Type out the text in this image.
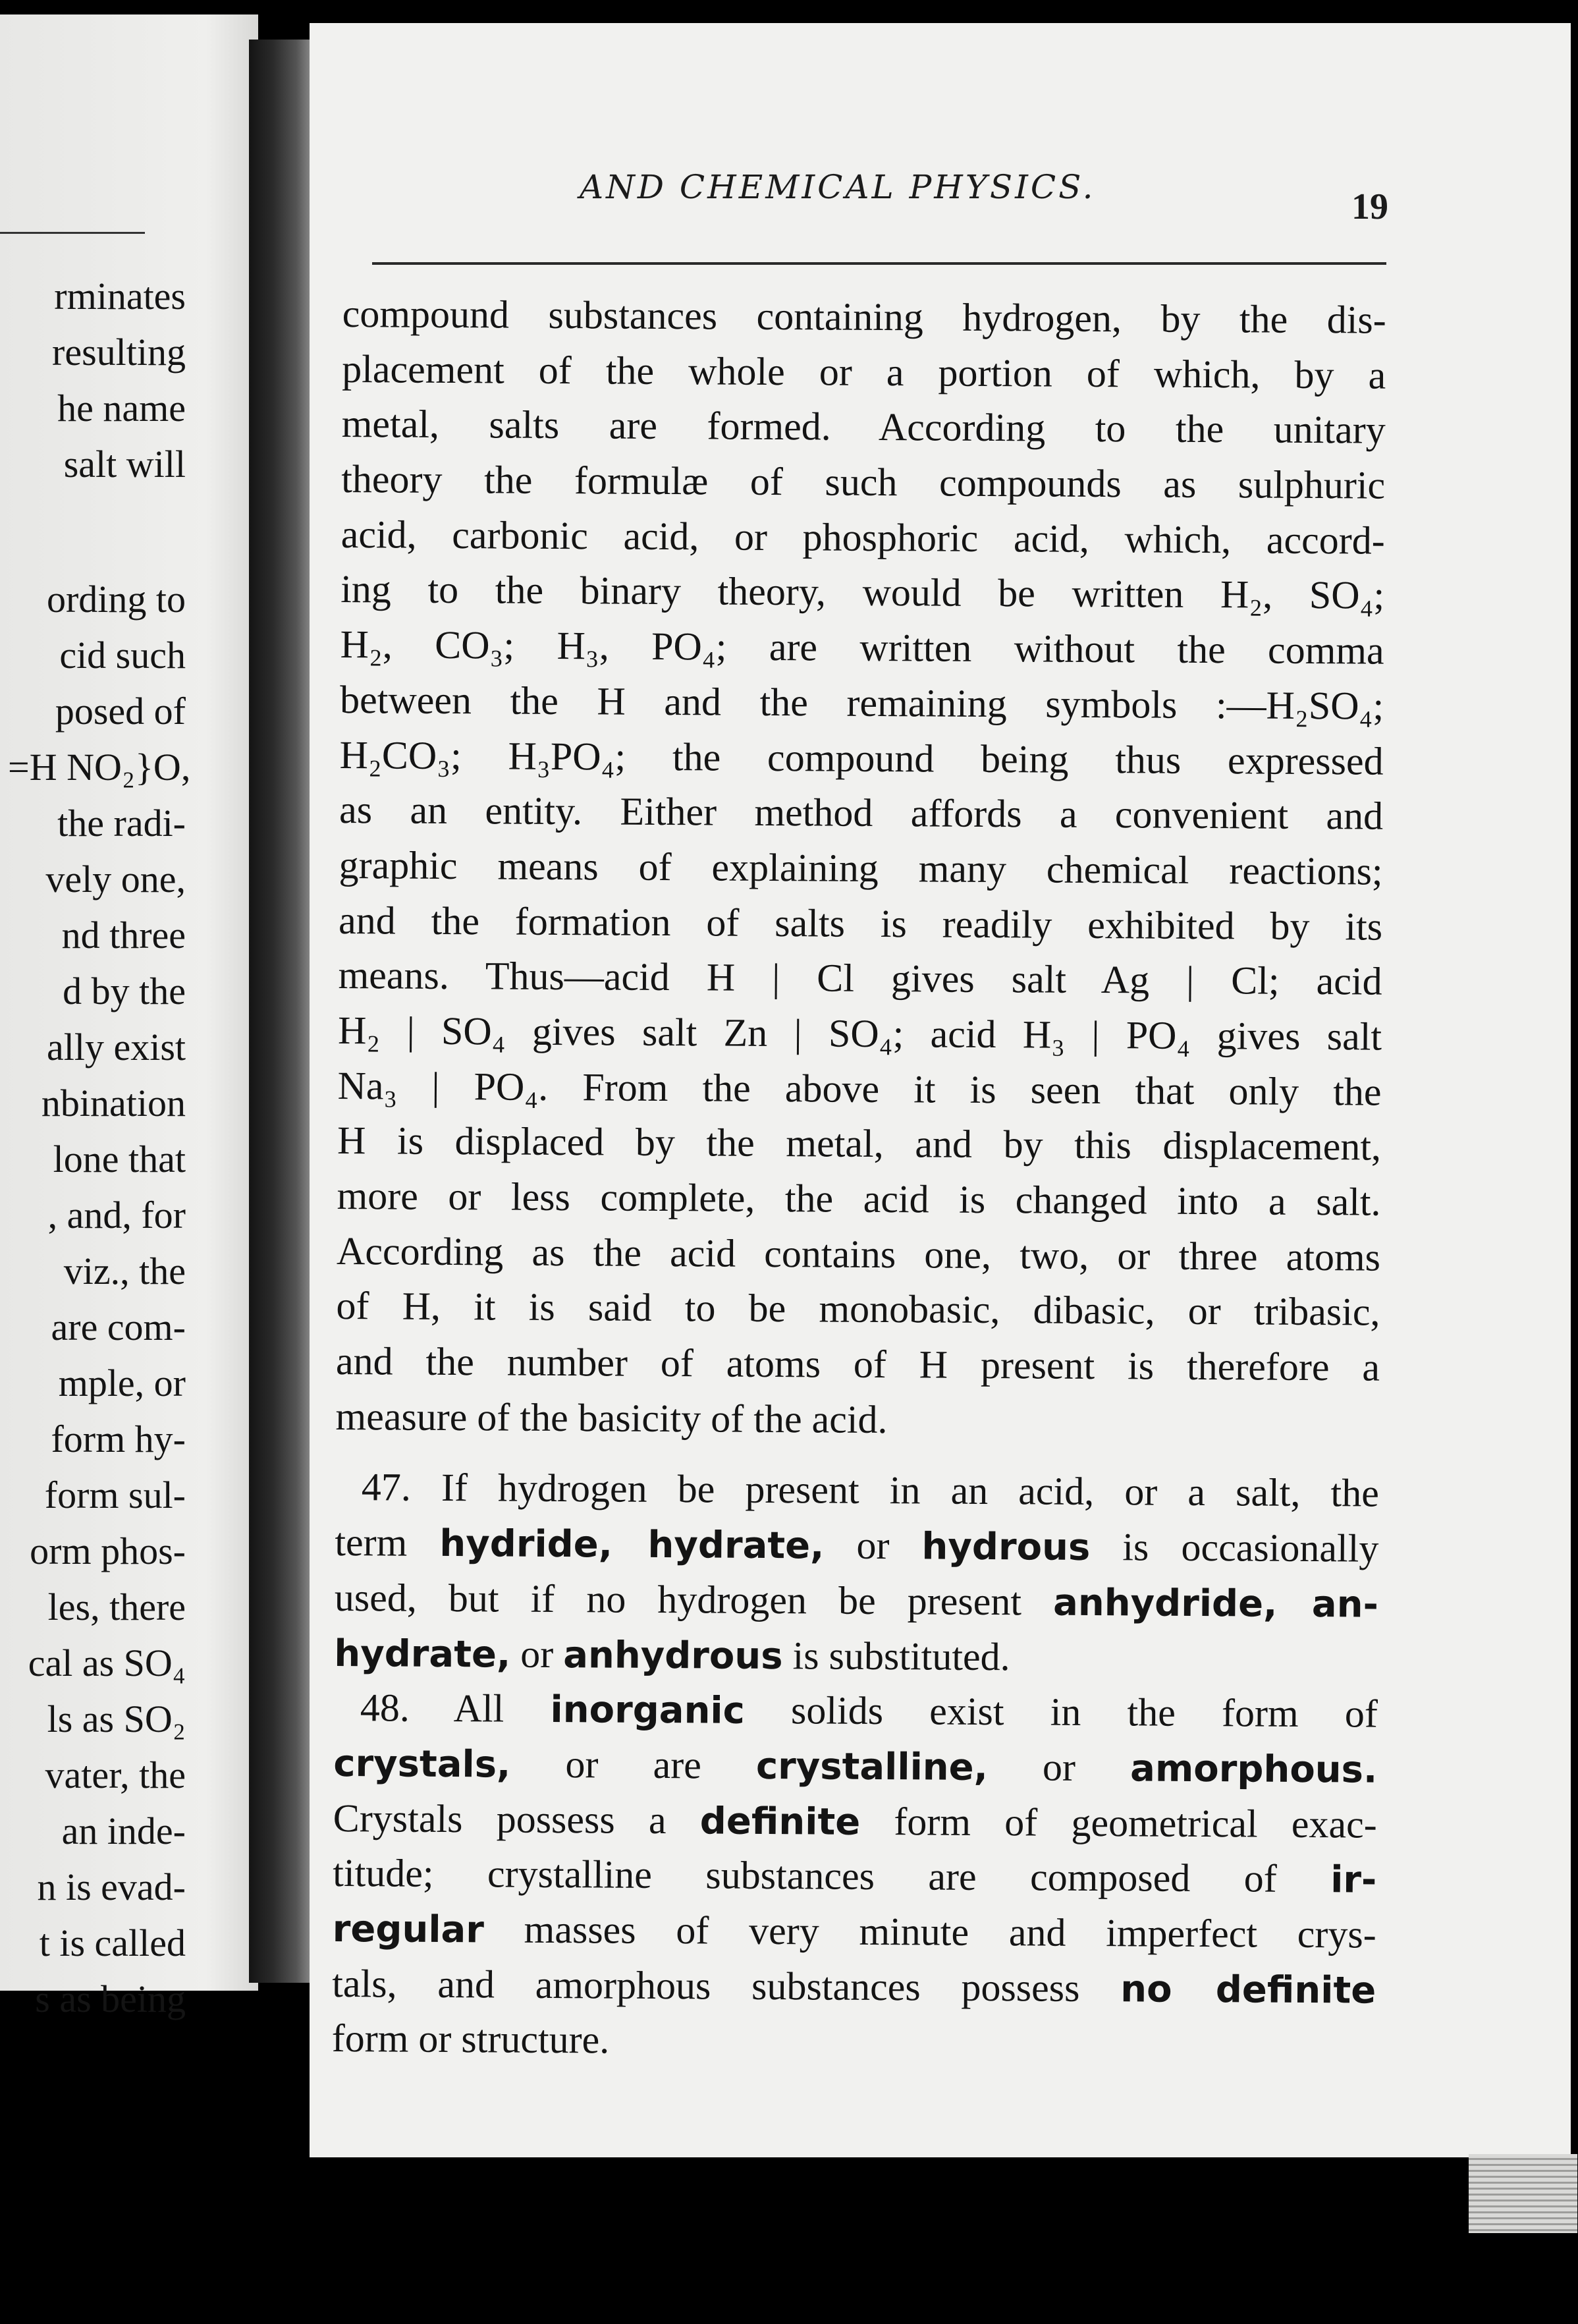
rminates
resulting
he name
salt will
ording to
cid such
posed of
=H NO₂}O,
the radi-
vely one,
nd three
d by the
ally exist
nbination
lone that
, and, for
viz., the
are com-
mple, or
form hy-
form sul-
orm phos-
les, there
cal as SO₄
ls as SO₂
vater, the
an inde-
n is evad-
t is called
s as being
AND CHEMICAL PHYSICS.	19
compound substances containing hydrogen, by the dis-
placement of the whole or a portion of which, by a
metal, salts are formed. According to the unitary
theory the formulæ of such compounds as sulphuric
acid, carbonic acid, or phosphoric acid, which, accord-
ing to the binary theory, would be written H₂, SO₄;
H₂, CO₃; H₃, PO₄; are written without the comma
between the H and the remaining symbols :—H₂SO₄;
H₂CO₃; H₃PO₄; the compound being thus expressed
as an entity. Either method affords a convenient and
graphic means of explaining many chemical reactions;
and the formation of salts is readily exhibited by its
means. Thus—acid H | Cl gives salt Ag | Cl; acid
H₂ | SO₄ gives salt Zn | SO₄; acid H₃ | PO₄ gives salt
Na₃ | PO₄. From the above it is seen that only the
H is displaced by the metal, and by this displacement,
more or less complete, the acid is changed into a salt.
According as the acid contains one, two, or three atoms
of H, it is said to be monobasic, dibasic, or tribasic,
and the number of atoms of H present is therefore a
measure of the basicity of the acid.
47. If hydrogen be present in an acid, or a salt, the
term hydride, hydrate, or hydrous is occasionally
used, but if no hydrogen be present anhydride, an-
hydrate, or anhydrous is substituted.
48. All inorganic solids exist in the form of
crystals, or are crystalline, or amorphous.
Crystals possess a definite form of geometrical exac-
titude; crystalline substances are composed of ir-
regular masses of very minute and imperfect crys-
tals, and amorphous substances possess no definite
form or structure.
